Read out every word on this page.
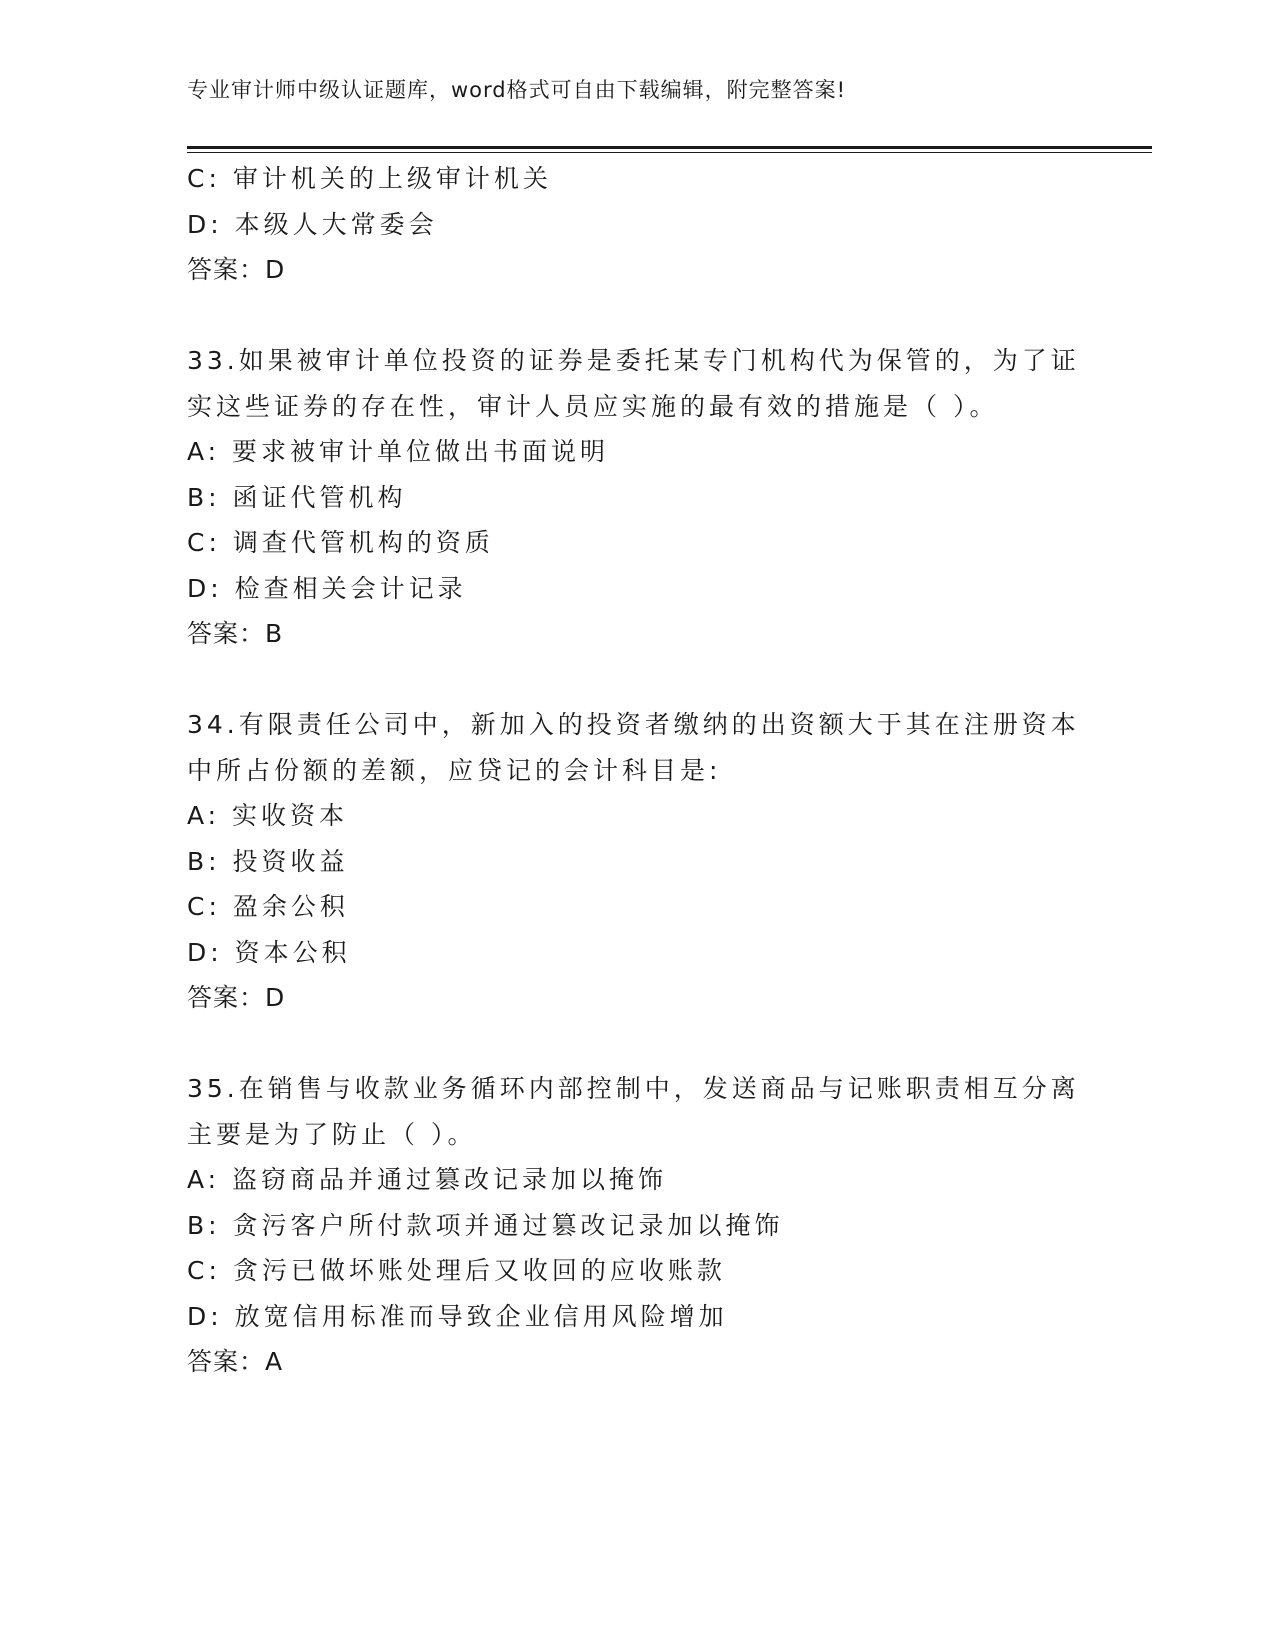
专业审计师中级认证题库，word格式可自由下载编辑，附完整答案!
C: 审计机关的上级审计机关
D: 本级人大常委会
答案：D
33.如果被审计单位投资的证券是委托某专门机构代为保管的，为了证
实这些证券的存在性，审计人员应实施的最有效的措施是（ ）。
A: 要求被审计单位做出书面说明
B: 函证代管机构
C: 调查代管机构的资质
D: 检查相关会计记录
答案：B
34.有限责任公司中，新加入的投资者缴纳的出资额大于其在注册资本
中所占份额的差额，应贷记的会计科目是:
A: 实收资本
B: 投资收益
C: 盈余公积
D: 资本公积
答案：D
35.在销售与收款业务循环内部控制中，发送商品与记账职责相互分离
主要是为了防止（ ）。
A: 盗窃商品并通过篡改记录加以掩饰
B: 贪污客户所付款项并通过篡改记录加以掩饰
C: 贪污已做坏账处理后又收回的应收账款
D: 放宽信用标准而导致企业信用风险增加
答案：A
